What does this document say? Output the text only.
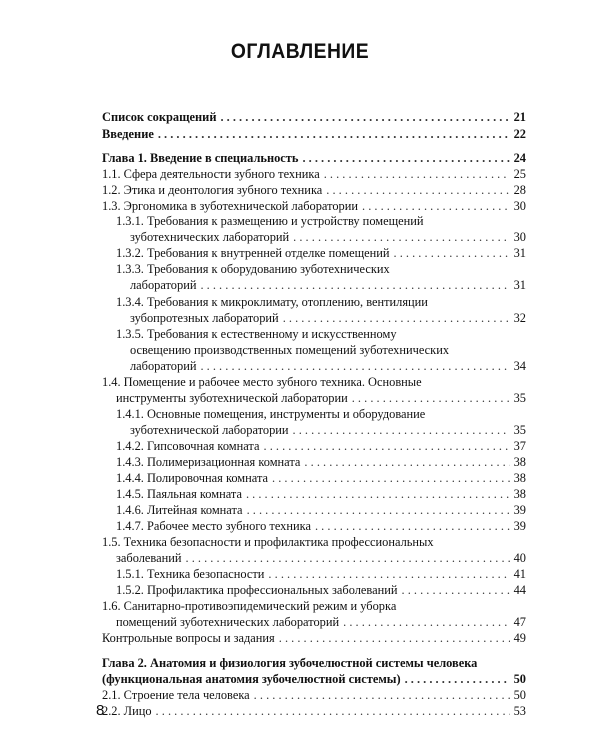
ОГЛАВЛЕНИЕ
Список сокращений . . .	21
Введение . . .	22
Глава 1. Введение в специальность . . .	24
1.1. Сфера деятельности зубного техника . . .	25
1.2. Этика и деонтология зубного техника . . .	28
1.3. Эргономика в зуботехнической лаборатории . . .	30
1.3.1. Требования к размещению и устройству помещений
зуботехнических лабораторий . . .	30
1.3.2. Требования к внутренней отделке помещений . . .	31
1.3.3. Требования к оборудованию зуботехнических
лабораторий . . .	31
1.3.4. Требования к микроклимату, отоплению, вентиляции
зубопротезных лабораторий . . .	32
1.3.5. Требования к естественному и искусственному
освещению производственных помещений зуботехнических
лабораторий . . .	34
1.4. Помещение и рабочее место зубного техника. Основные
инструменты зуботехнической лаборатории . . .	35
1.4.1. Основные помещения, инструменты и оборудование
зуботехнической лаборатории . . .	35
1.4.2. Гипсовочная комната . . .	37
1.4.3. Полимеризационная комната . . .	38
1.4.4. Полировочная комната . . .	38
1.4.5. Паяльная комната . . .	38
1.4.6. Литейная комната . . .	39
1.4.7. Рабочее место зубного техника . . .	39
1.5. Техника безопасности и профилактика профессиональных
заболеваний . . .	40
1.5.1. Техника безопасности . . .	41
1.5.2. Профилактика профессиональных заболеваний . . .	44
1.6. Санитарно-противоэпидемический режим и уборка
помещений зуботехнических лабораторий . . .	47
Контрольные вопросы и задания . . .	49
Глава 2. Анатомия и физиология зубочелюстной системы человека
(функциональная анатомия зубочелюстной системы) . . .	50
2.1. Строение тела человека . . .	50
2.2. Лицо . . .	53
8
